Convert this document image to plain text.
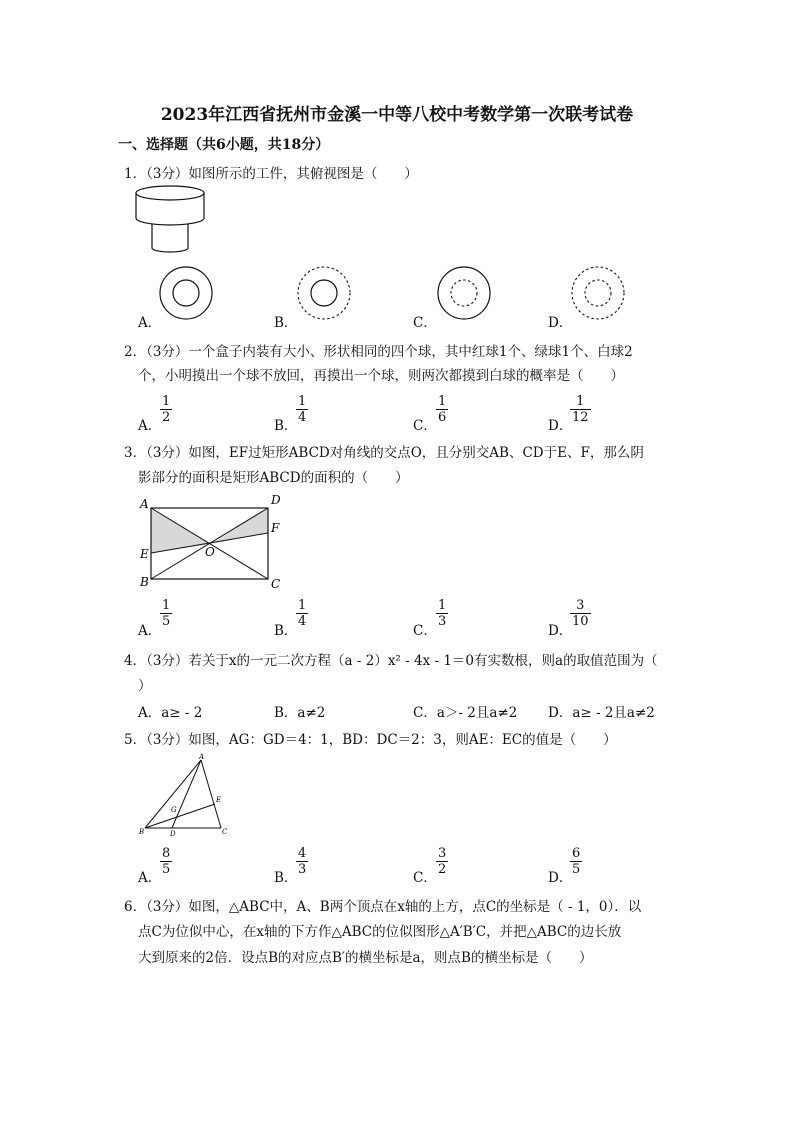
2023年江西省抚州市金溪一中等八校中考数学第一次联考试卷
一、选择题（共6小题，共18分）
1．（3分）如图所示的工件，其俯视图是（　　）
A．	B．	C．	D．
2．（3分）一个盒子内装有大小、形状相同的四个球，其中红球1个、绿球1个、白球2
个，小明摸出一个球不放回，再摸出一个球，则两次都摸到白球的概率是（　　）
A．
$\frac{1}{2}$
B．
$\frac{1}{4}$
C．
$\frac{1}{6}$
D．
$\frac{1}{12}$
3．（3分）如图，EF过矩形ABCD对角线的交点O，且分别交AB、CD于E、F，那么阴
影部分的面积是矩形ABCD的面积的（　　）
A	D
F
E	O
B	C
A．
$\frac{1}{5}$
B．
$\frac{1}{4}$
C．
$\frac{1}{3}$
D．
$\frac{3}{10}$
4．（3分）若关于x的一元二次方程（a - 2）x² - 4x - 1＝0有实数根，则a的取值范围为（
）
A．a≥ - 2	B．a≠2	C．a＞- 2且a≠2 D．a≥ - 2且a≠2
5．（3分）如图，AG：GD＝4：1，BD：DC＝2：3，则AE：EC的值是（　　）
A
G
E
B	D	C
A．
$\frac{8}{5}$
B．
$\frac{4}{3}$
C．
$\frac{3}{2}$
D．
$\frac{6}{5}$
6．（3分）如图，△ABC中，A、B两个顶点在x轴的上方，点C的坐标是（ - 1，0）．以
点C为位似中心，在x轴的下方作△ABC的位似图形△A′B′C，并把△ABC的边长放
大到原来的2倍．设点B的对应点B′的横坐标是a，则点B的横坐标是（　　）
